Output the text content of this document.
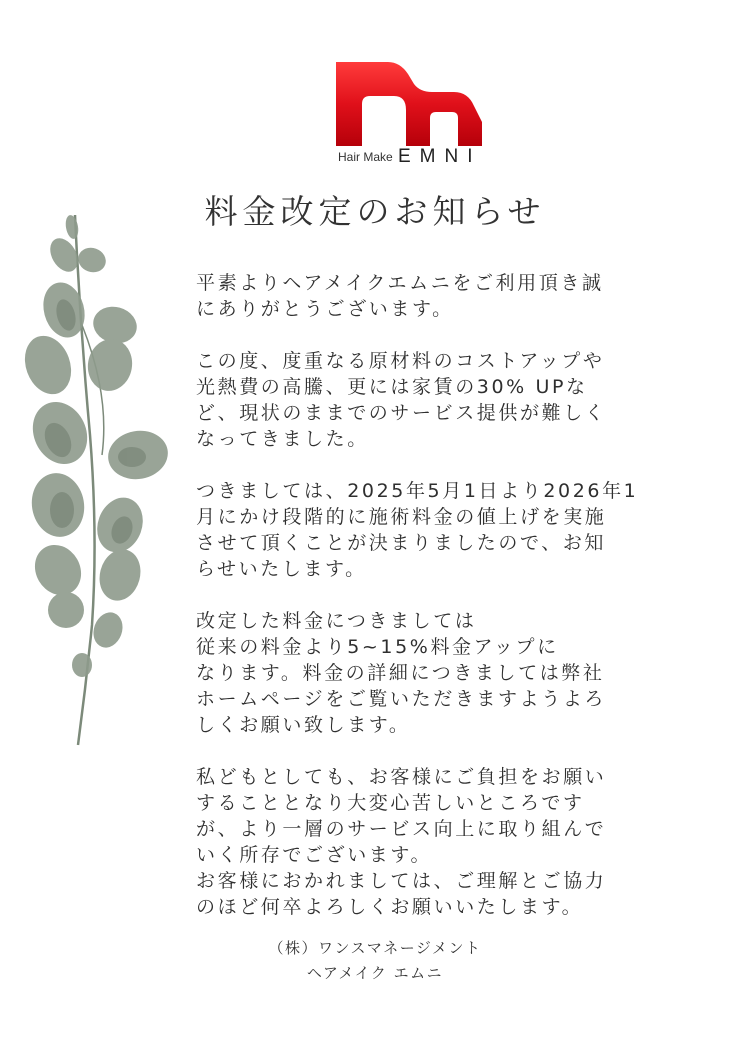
Hair Make EMNI
料金改定のお知らせ

平素よりヘアメイクエムニをご利用頂き誠
にありがとうございます。

この度、度重なる原材料のコストアップや
光熱費の高騰、更には家賃の30% UPな
ど、現状のままでのサービス提供が難しく
なってきました。

つきましては、2025年5月1日より2026年1
月にかけ段階的に施術料金の値上げを実施
させて頂くことが決まりましたので、お知
らせいたします。

改定した料金につきましては
従来の料金より5~15%料金アップに
なります。料金の詳細につきましては弊社
ホームページをご覧いただきますようよろ
しくお願い致します。

私どもとしても、お客様にご負担をお願い
することとなり大変心苦しいところです
が、より一層のサービス向上に取り組んで
いく所存でございます。
お客様におかれましては、ご理解とご協力
のほど何卒よろしくお願いいたします。

（株）ワンスマネージメント
ヘアメイク エムニ
